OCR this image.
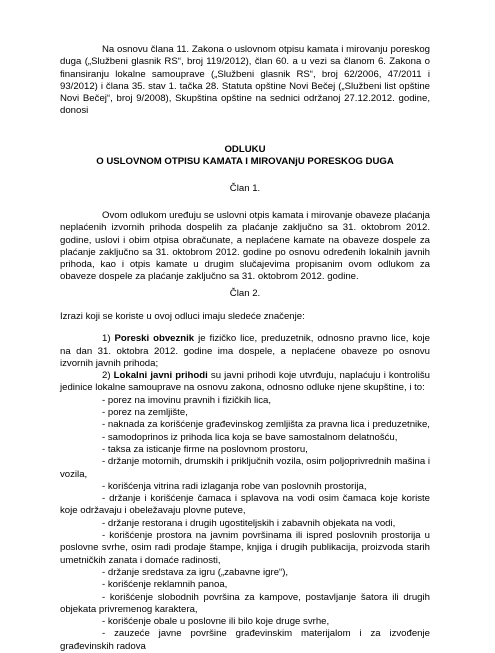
Na osnovu člana 11. Zakona o uslovnom otpisu kamata i mirovanju poreskog duga („Službeni glasnik RS“, broj 119/2012), član 60. a u vezi sa članom 6. Zakona o finansiranju lokalne samouprave („Službeni glasnik RS“, broj 62/2006, 47/2011 i 93/2012) i člana 35. stav 1. tačka 28. Statuta opštine Novi Bečej („Službeni list opštine Novi Bečej“, broj 9/2008), Skupština opštine na sednici održanoj 27.12.2012. godine, donosi

ODLUKU

O USLOVNOM OTPISU KAMATA I MIROVANjU PORESKOG DUGA

Član 1.

Ovom odlukom uređuju se uslovni otpis kamata i mirovanje obaveze plaćanja neplaćenih izvornih prihoda dospelih za plaćanje zaključno sa 31. oktobrom 2012. godine, uslovi i obim otpisa obračunate, a neplaćene kamate na obaveze dospele za plaćanje zaključno sa 31. oktobrom 2012. godine po osnovu određenih lokalnih javnih prihoda, kao i otpis kamate u drugim slučajevima propisanim ovom odlukom za obaveze dospele za plaćanje zaključno sa 31. oktobrom 2012. godine.

Član 2.

Izrazi koji se koriste u ovoj odluci imaju sledeće značenje:

1) Poreski obveznik je fizičko lice, preduzetnik, odnosno pravno lice, koje na dan 31. oktobra 2012. godine ima dospele, a neplaćene obaveze po osnovu izvornih javnih prihoda;

2) Lokalni javni prihodi su javni prihodi koje utvrđuju, naplaćuju i kontrolišu jedinice lokalne samouprave na osnovu zakona, odnosno odluke njene skupštine, i to:

- porez na imovinu pravnih i fizičkih lica,

- porez na zemljište,

- naknada za korišćenje građevinskog zemljišta za pravna lica i preduzetnike,

- samodoprinos iz prihoda lica koja se bave samostalnom delatnošću,

- taksa za isticanje firme na poslovnom prostoru,

- držanje motornih, drumskih i priključnih vozila, osim poljoprivrednih mašina i vozila,

- korišćenja vitrina radi izlaganja robe van poslovnih prostorija,

- držanje i korišćenje čamaca i splavova na vodi osim čamaca koje koriste koje održavaju i obeležavaju plovne puteve,

- držanje restorana i drugih ugostiteljskih i zabavnih objekata na vodi,

- korišćenje prostora na javnim površinama ili ispred poslovnih prostorija u poslovne svrhe, osim radi prodaje štampe, knjiga i drugih publikacija, proizvoda starih umetničkih zanata i domaće radinosti,

- držanje sredstava za igru („zabavne igre“),

- korišćenje reklamnih panoa,

- korišćenje slobodnih površina za kampove, postavljanje šatora ili drugih objekata privremenog karaktera,

- korišćenje obale u poslovne ili bilo koje druge svrhe,

- zauzeće javne površine građevinskim materijalom i za izvođenje građevinskih radova
